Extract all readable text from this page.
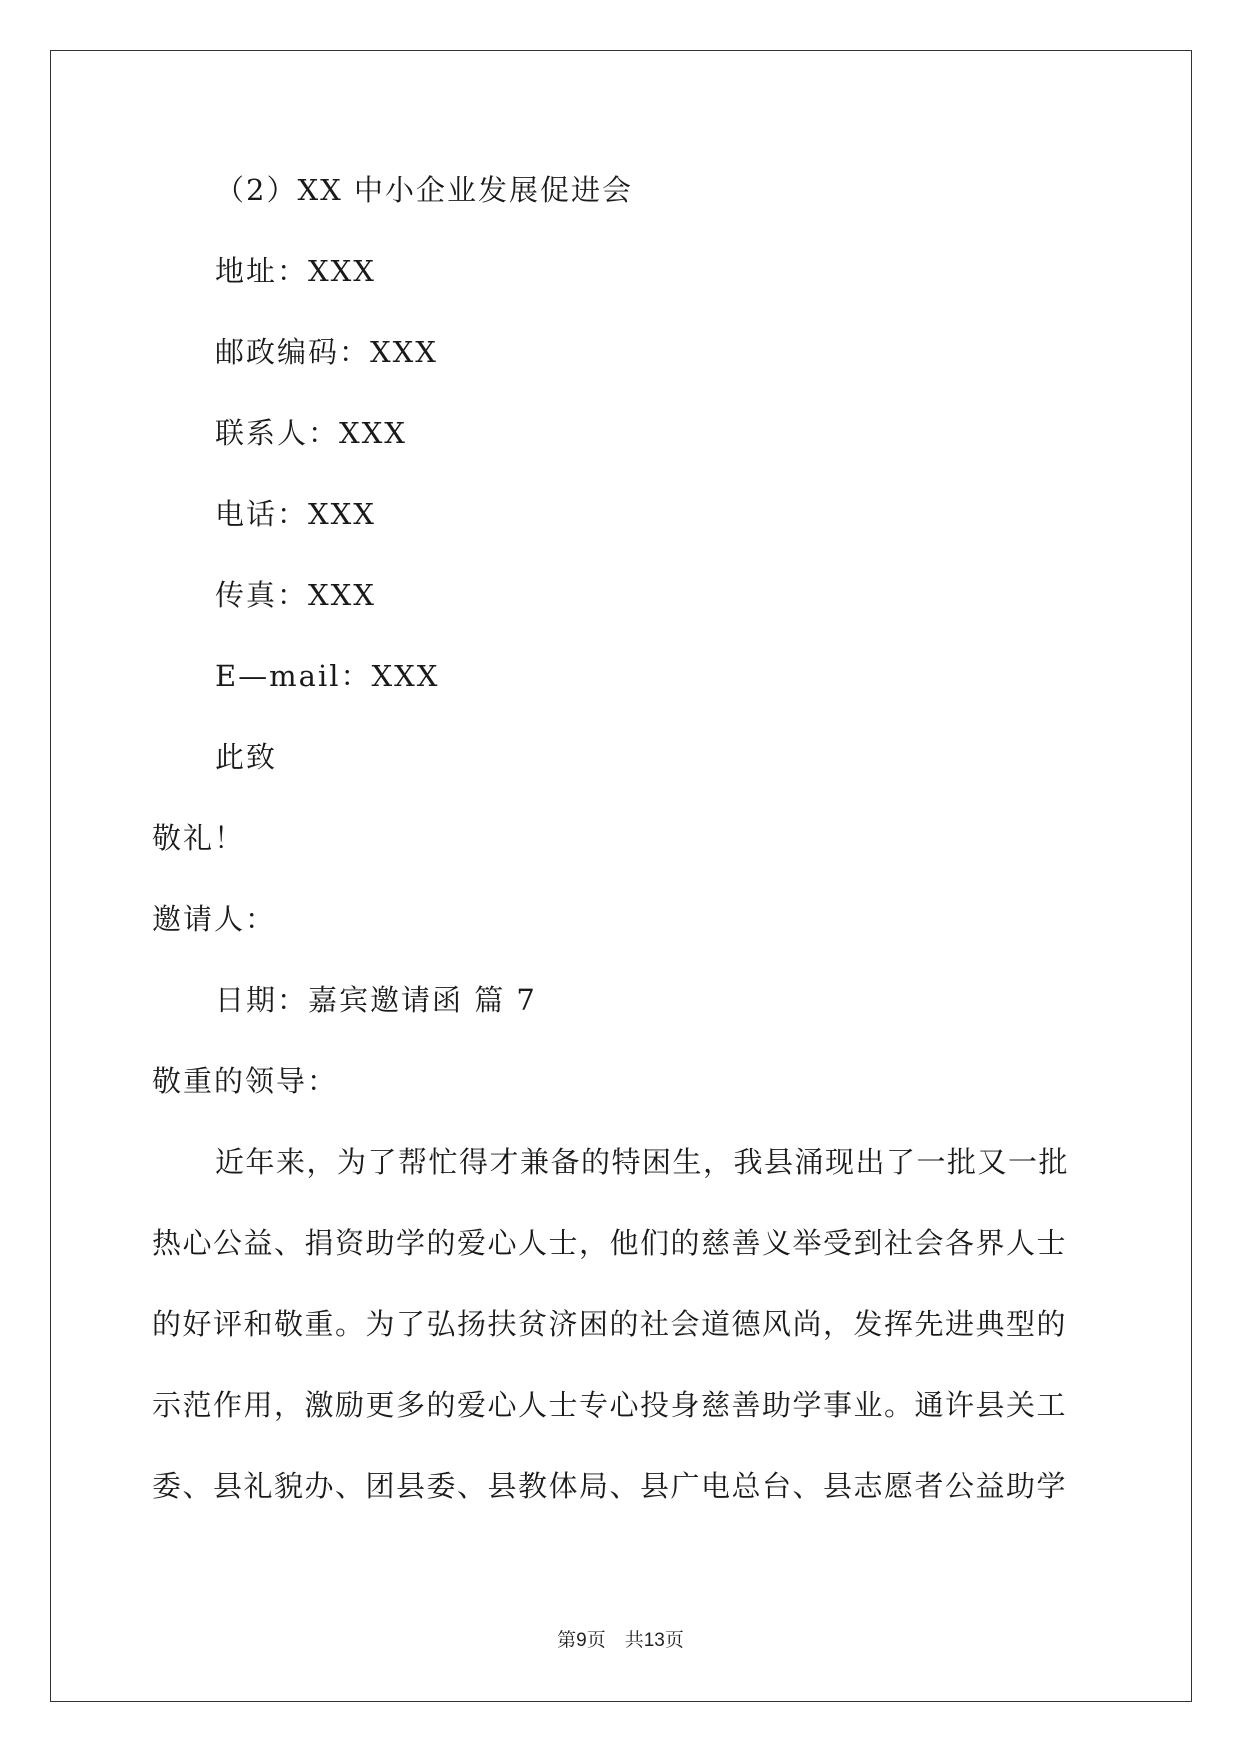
（2）XX 中小企业发展促进会
地址：XXX
邮政编码：XXX
联系人：XXX
电话：XXX
传真：XXX
E—mail：XXX
此致
敬礼！
邀请人：
日期：嘉宾邀请函 篇 7
敬重的领导：
近年来，为了帮忙得才兼备的特困生，我县涌现出了一批又一批
热心公益、捐资助学的爱心人士，他们的慈善义举受到社会各界人士
的好评和敬重。为了弘扬扶贫济困的社会道德风尚，发挥先进典型的
示范作用，激励更多的爱心人士专心投身慈善助学事业。通许县关工
委、县礼貌办、团县委、县教体局、县广电总台、县志愿者公益助学
第9页　共13页
